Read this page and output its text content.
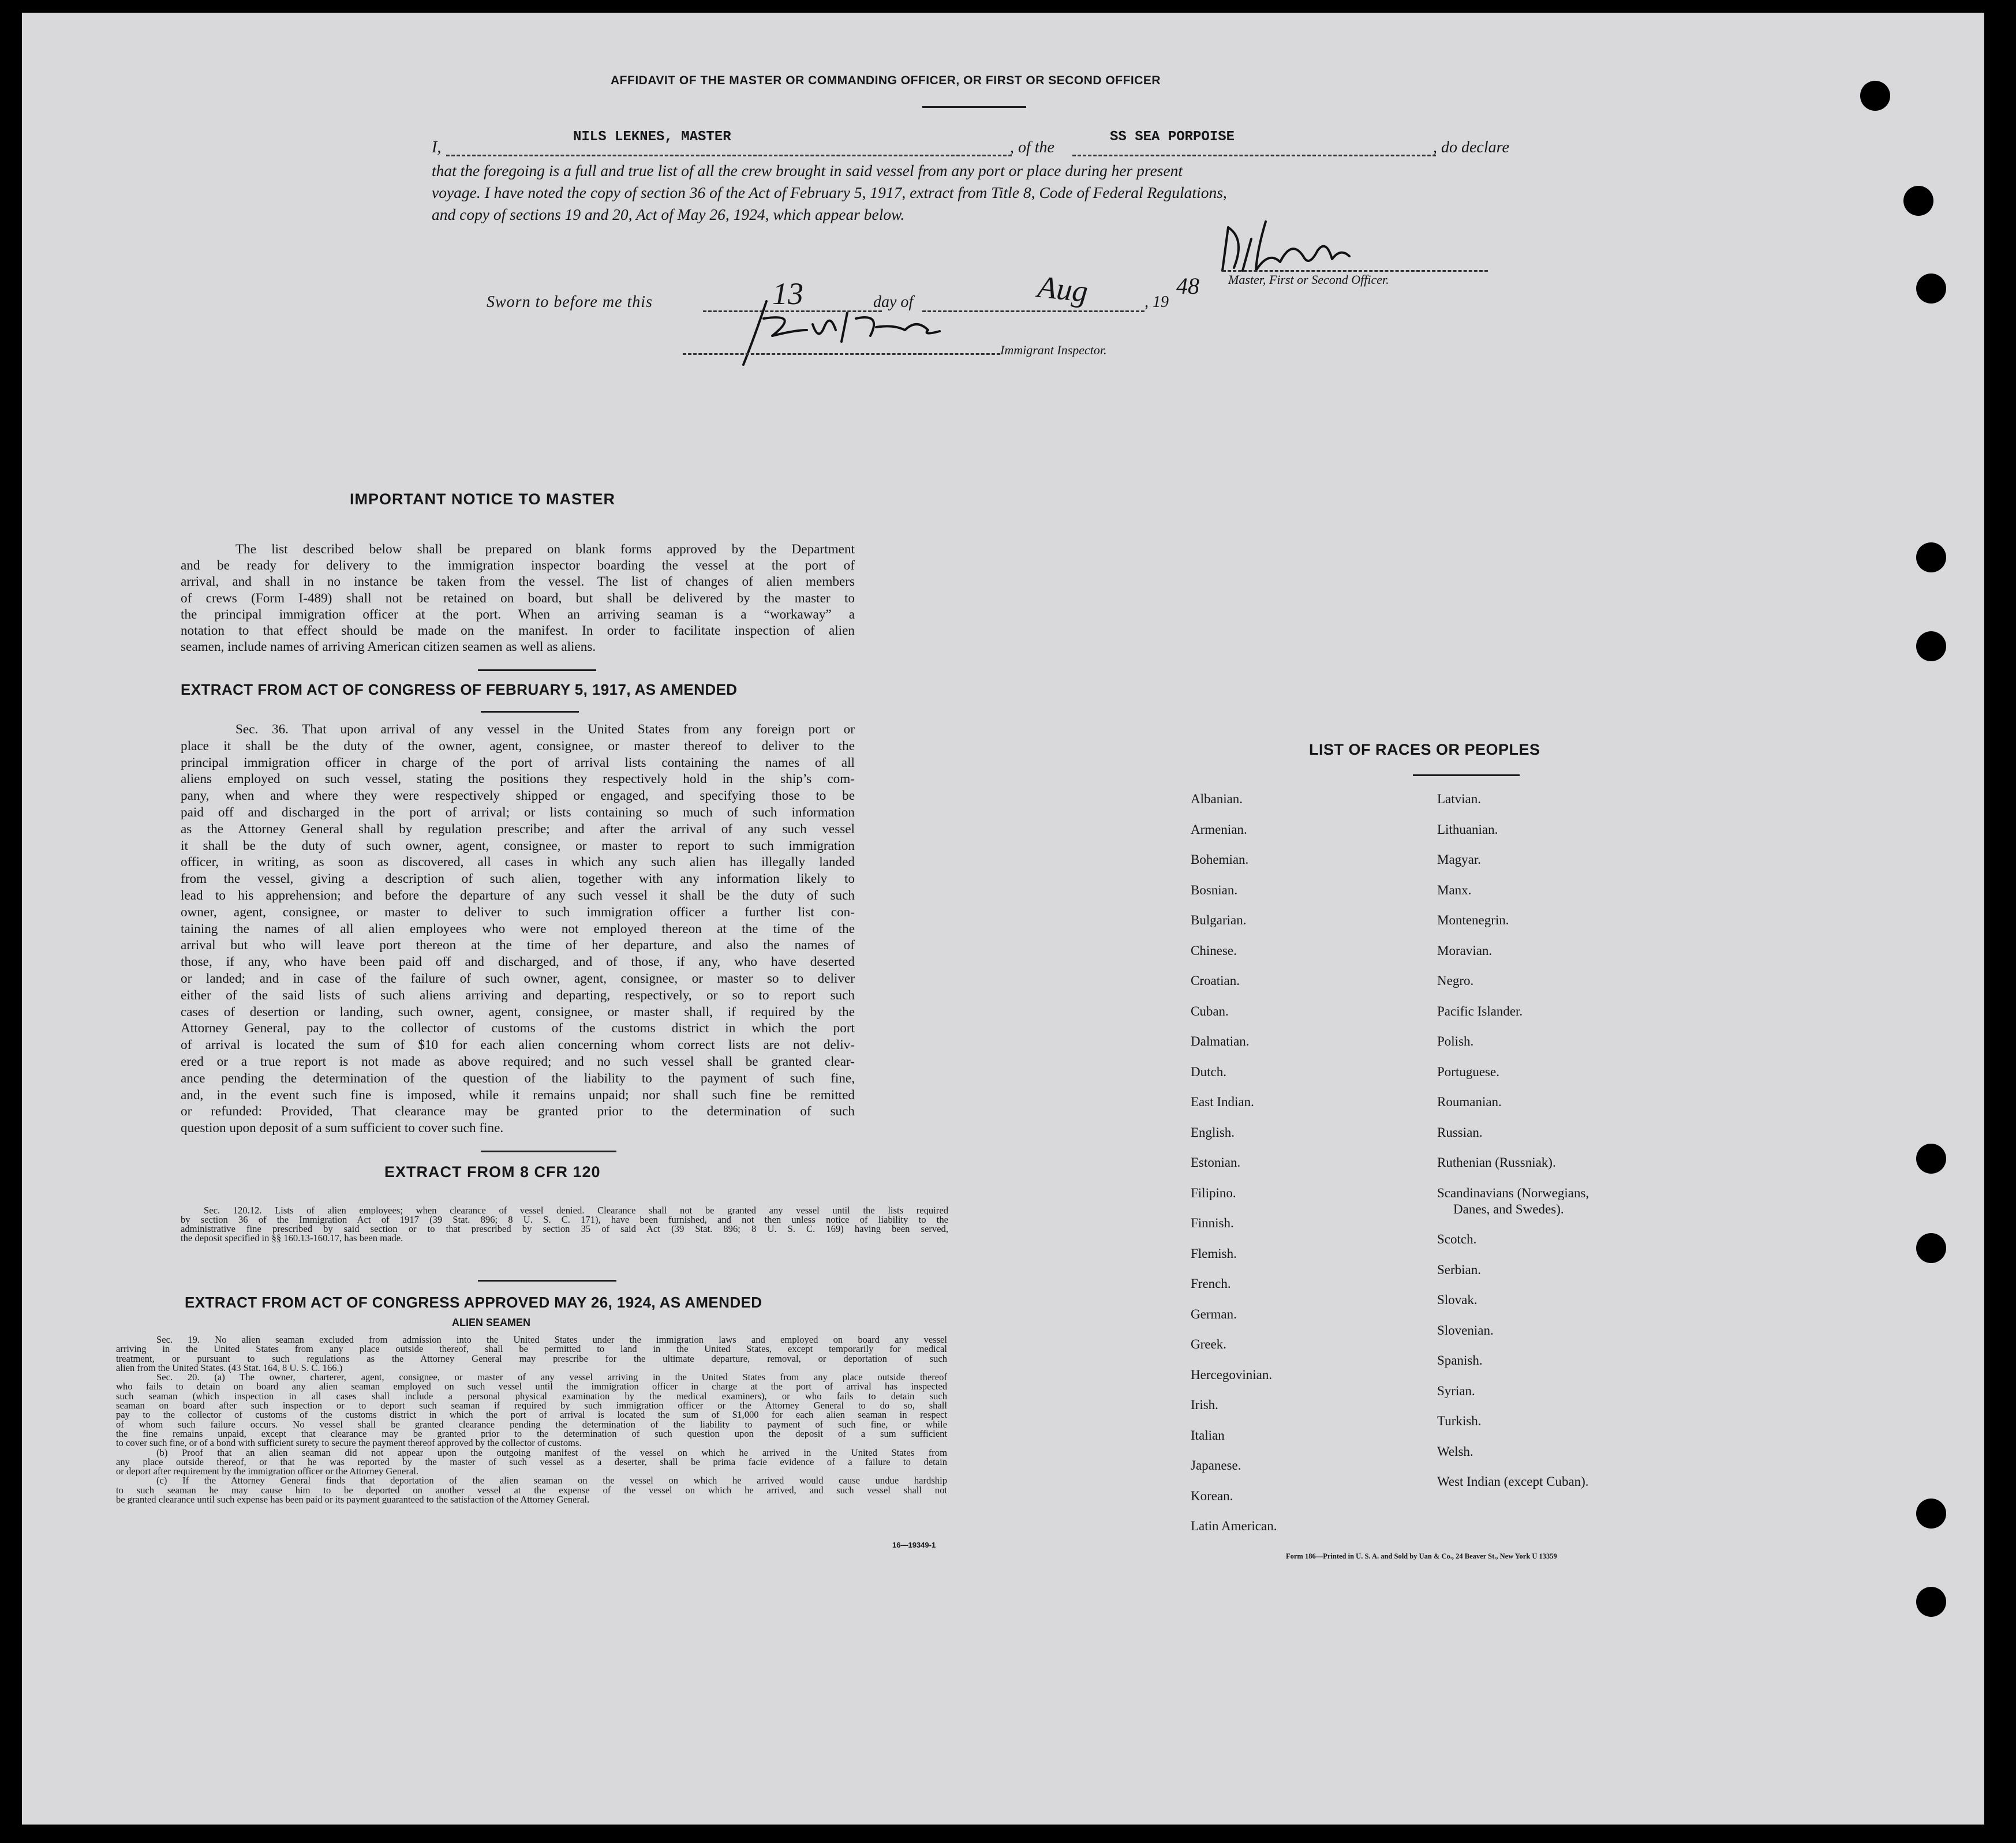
AFFIDAVIT OF THE MASTER OR COMMANDING OFFICER, OR FIRST OR SECOND OFFICER
I,
NILS LEKNES, MASTER
, of the
SS SEA PORPOISE
, do declare
that the foregoing is a full and true list of all the crew brought in said vessel from any port or place during her present
voyage. I have noted the copy of section 36 of the Act of February 5, 1917, extract from Title 8, Code of Federal Regulations,
and copy of sections 19 and 20, Act of May 26, 1924, which appear below.
Master, First or Second Officer.
Sworn to before me this	13	day of	Aug	, 19
48
Immigrant Inspector.
IMPORTANT NOTICE TO MASTER
The list described below shall be prepared on blank forms approved by the Department
and be ready for delivery to the immigration inspector boarding the vessel at the port of
arrival, and shall in no instance be taken from the vessel. The list of changes of alien members
of crews (Form I-489) shall not be retained on board, but shall be delivered by the master to
the principal immigration officer at the port. When an arriving seaman is a “workaway” a
notation to that effect should be made on the manifest. In order to facilitate inspection of alien
seamen, include names of arriving American citizen seamen as well as aliens.
EXTRACT FROM ACT OF CONGRESS OF FEBRUARY 5, 1917, AS AMENDED
Sec. 36. That upon arrival of any vessel in the United States from any foreign port or
place it shall be the duty of the owner, agent, consignee, or master thereof to deliver to the
principal immigration officer in charge of the port of arrival lists containing the names of all
aliens employed on such vessel, stating the positions they respectively hold in the ship’s com-
pany, when and where they were respectively shipped or engaged, and specifying those to be
paid off and discharged in the port of arrival; or lists containing so much of such information
as the Attorney General shall by regulation prescribe; and after the arrival of any such vessel
it shall be the duty of such owner, agent, consignee, or master to report to such immigration
officer, in writing, as soon as discovered, all cases in which any such alien has illegally landed
from the vessel, giving a description of such alien, together with any information likely to
lead to his apprehension; and before the departure of any such vessel it shall be the duty of such
owner, agent, consignee, or master to deliver to such immigration officer a further list con-
taining the names of all alien employees who were not employed thereon at the time of the
arrival but who will leave port thereon at the time of her departure, and also the names of
those, if any, who have been paid off and discharged, and of those, if any, who have deserted
or landed; and in case of the failure of such owner, agent, consignee, or master so to deliver
either of the said lists of such aliens arriving and departing, respectively, or so to report such
cases of desertion or landing, such owner, agent, consignee, or master shall, if required by the
Attorney General, pay to the collector of customs of the customs district in which the port
of arrival is located the sum of $10 for each alien concerning whom correct lists are not deliv-
ered or a true report is not made as above required; and no such vessel shall be granted clear-
ance pending the determination of the question of the liability to the payment of such fine,
and, in the event such fine is imposed, while it remains unpaid; nor shall such fine be remitted
or refunded: Provided, That clearance may be granted prior to the determination of such
question upon deposit of a sum sufficient to cover such fine.
EXTRACT FROM 8 CFR 120
Sec. 120.12. Lists of alien employees; when clearance of vessel denied. Clearance shall not be granted any vessel until the lists required
by section 36 of the Immigration Act of 1917 (39 Stat. 896; 8 U. S. C. 171), have been furnished, and not then unless notice of liability to the
administrative fine prescribed by said section or to that prescribed by section 35 of said Act (39 Stat. 896; 8 U. S. C. 169) having been served,
the deposit specified in §§ 160.13-160.17, has been made.
EXTRACT FROM ACT OF CONGRESS APPROVED MAY 26, 1924, AS AMENDED
ALIEN SEAMEN
Sec. 19. No alien seaman excluded from admission into the United States under the immigration laws and employed on board any vessel
arriving in the United States from any place outside thereof, shall be permitted to land in the United States, except temporarily for medical
treatment, or pursuant to such regulations as the Attorney General may prescribe for the ultimate departure, removal, or deportation of such
alien from the United States. (43 Stat. 164, 8 U. S. C. 166.)
Sec. 20. (a) The owner, charterer, agent, consignee, or master of any vessel arriving in the United States from any place outside thereof
who fails to detain on board any alien seaman employed on such vessel until the immigration officer in charge at the port of arrival has inspected
such seaman (which inspection in all cases shall include a personal physical examination by the medical examiners), or who fails to detain such
seaman on board after such inspection or to deport such seaman if required by such immigration officer or the Attorney General to do so, shall
pay to the collector of customs of the customs district in which the port of arrival is located the sum of $1,000 for each alien seaman in respect
of whom such failure occurs. No vessel shall be granted clearance pending the determination of the liability to payment of such fine, or while
the fine remains unpaid, except that clearance may be granted prior to the determination of such question upon the deposit of a sum sufficient
to cover such fine, or of a bond with sufficient surety to secure the payment thereof approved by the collector of customs.
(b) Proof that an alien seaman did not appear upon the outgoing manifest of the vessel on which he arrived in the United States from
any place outside thereof, or that he was reported by the master of such vessel as a deserter, shall be prima facie evidence of a failure to detain
or deport after requirement by the immigration officer or the Attorney General.
(c) If the Attorney General finds that deportation of the alien seaman on the vessel on which he arrived would cause undue hardship
to such seaman he may cause him to be deported on another vessel at the expense of the vessel on which he arrived, and such vessel shall not
be granted clearance until such expense has been paid or its payment guaranteed to the satisfaction of the Attorney General.
16—19349-1
LIST OF RACES OR PEOPLES
Albanian.
Armenian.
Bohemian.
Bosnian.
Bulgarian.
Chinese.
Croatian.
Cuban.
Dalmatian.
Dutch.
East Indian.
English.
Estonian.
Filipino.
Finnish.
Flemish.
French.
German.
Greek.
Hercegovinian.
Irish.
Italian
Japanese.
Korean.
Latin American.
Latvian.
Lithuanian.
Magyar.
Manx.
Montenegrin.
Moravian.
Negro.
Pacific Islander.
Polish.
Portuguese.
Roumanian.
Russian.
Ruthenian (Russniak).
Scandinavians (Norwegians,
Danes, and Swedes).
Scotch.
Serbian.
Slovak.
Slovenian.
Spanish.
Syrian.
Turkish.
Welsh.
West Indian (except Cuban).
Form 186—Printed in U. S. A. and Sold by Uan & Co., 24 Beaver St., New York U 13359
